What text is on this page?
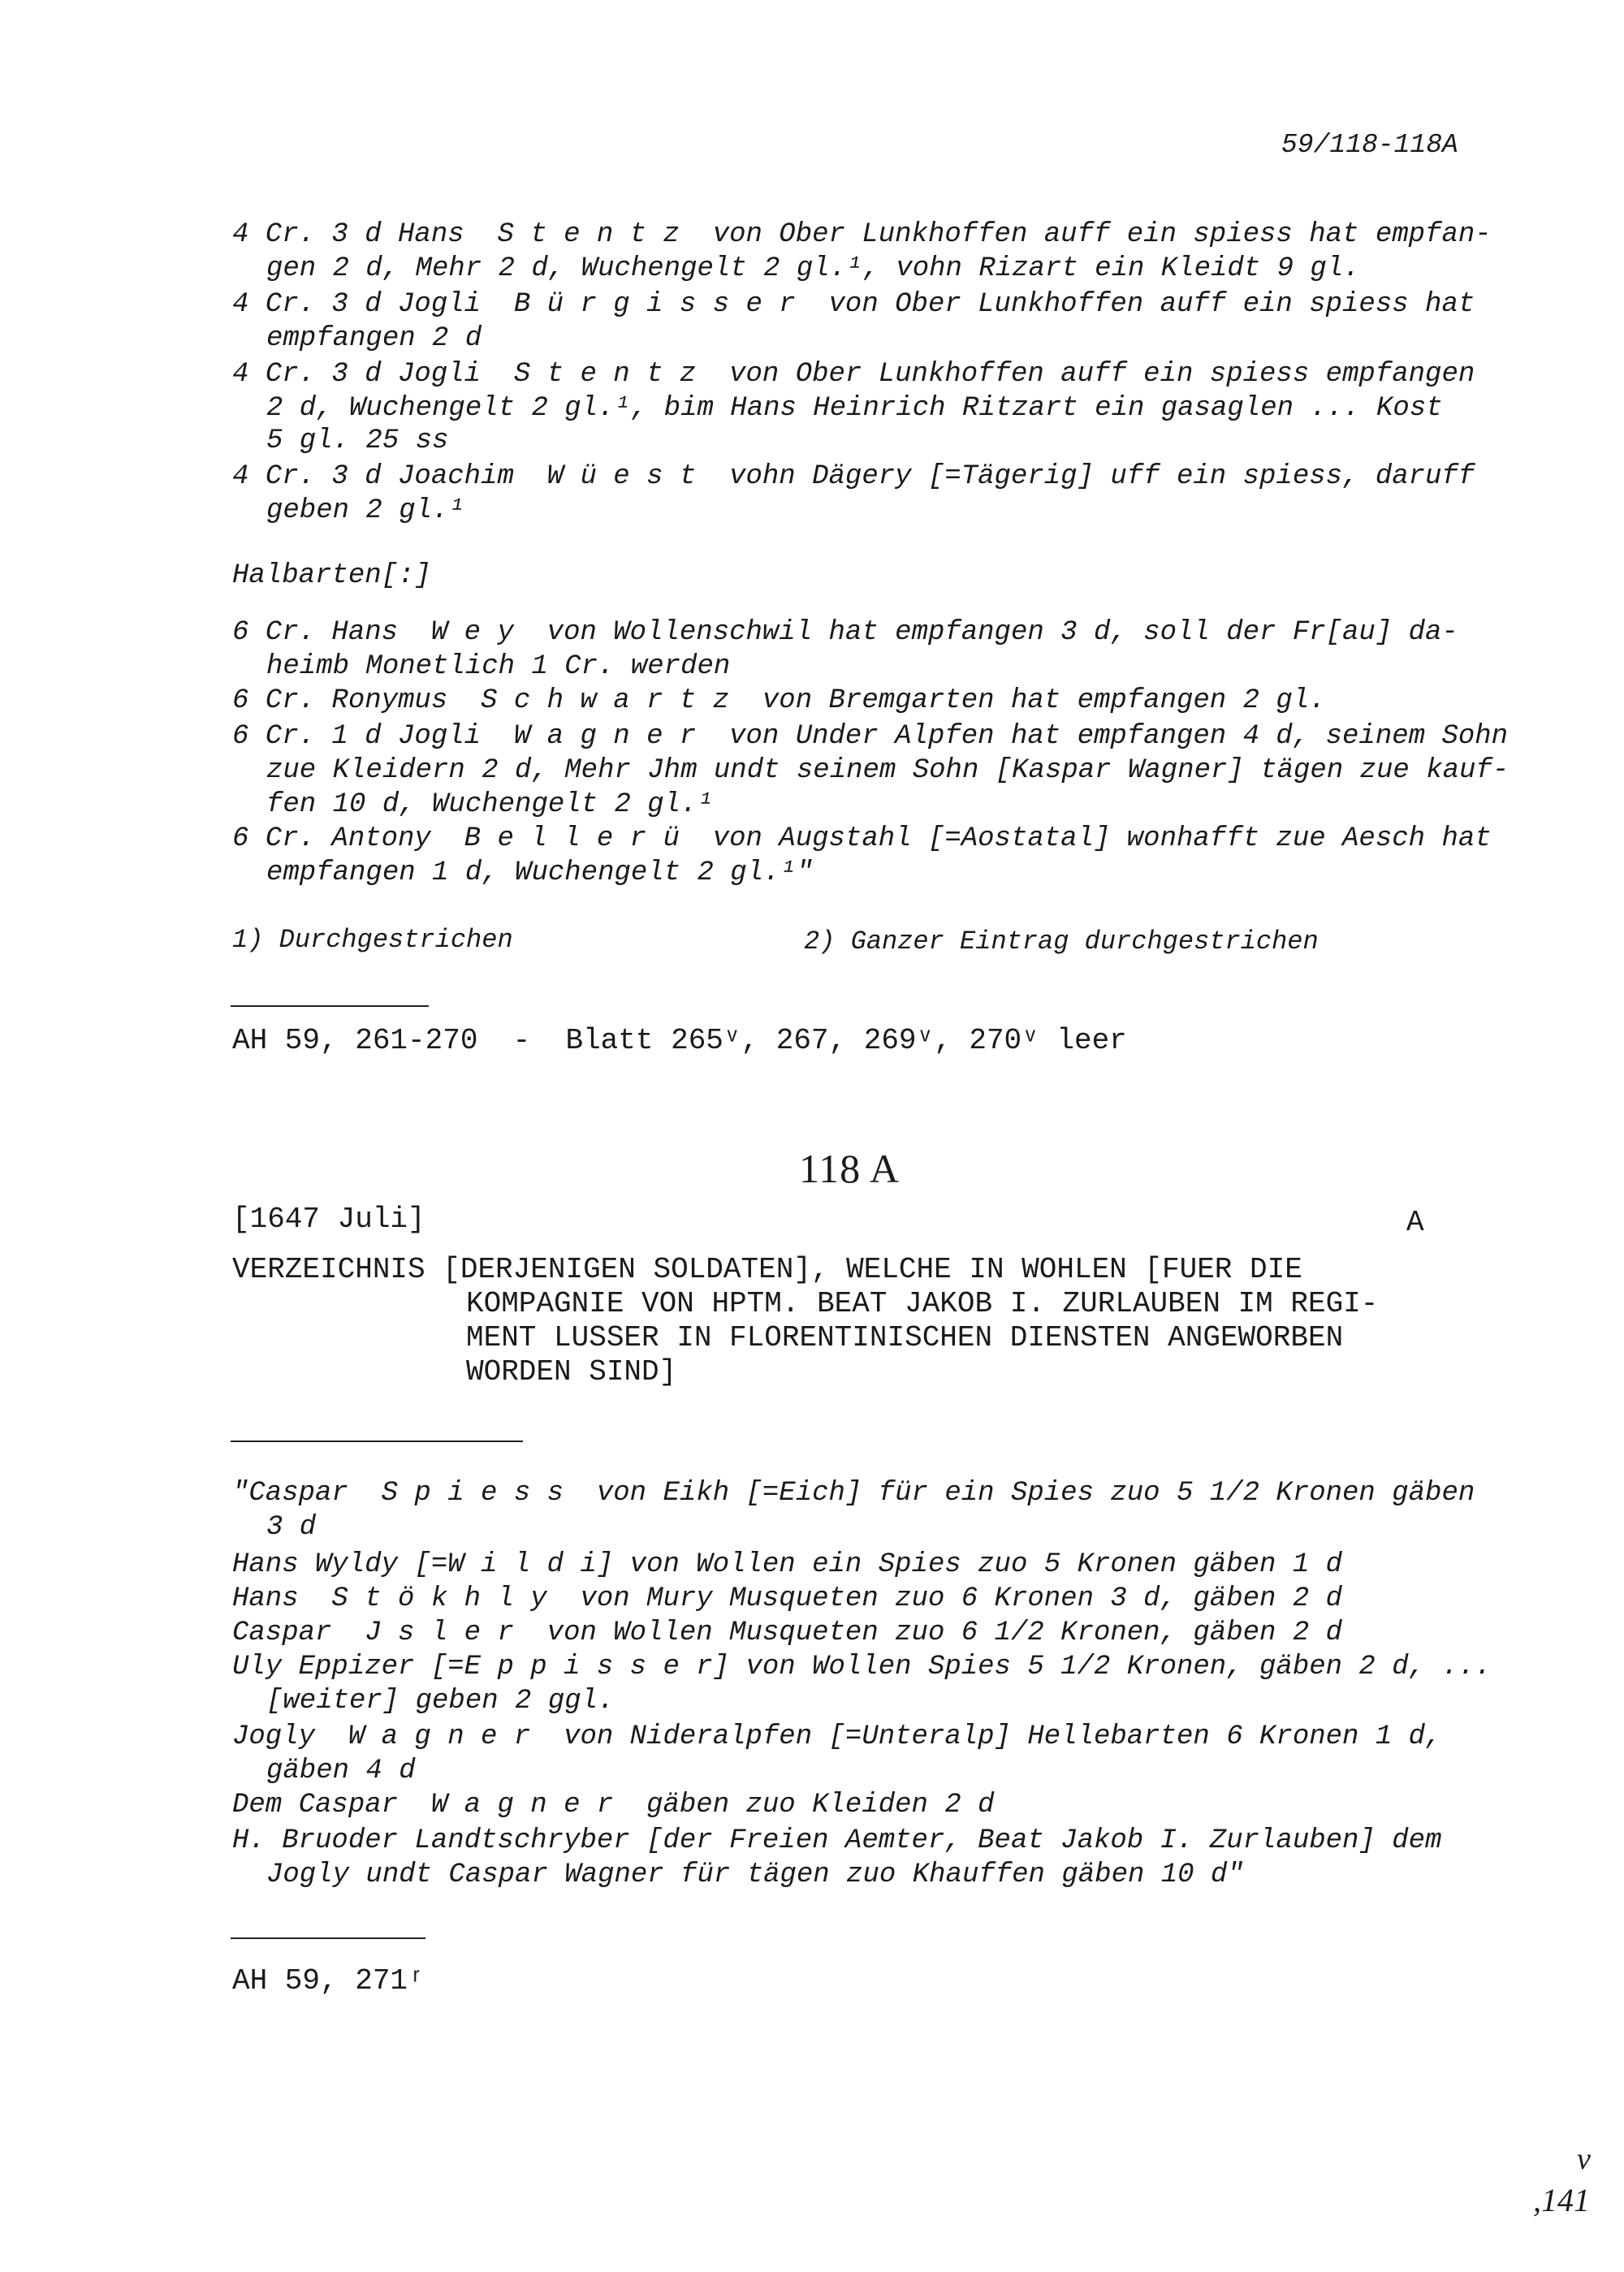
59/118-118A
4 Cr. 3 d Hans  S t e n t z  von Ober Lunkhoffen auff ein spiess hat empfan-
gen 2 d, Mehr 2 d, Wuchengelt 2 gl.¹, vohn Rizart ein Kleidt 9 gl.
4 Cr. 3 d Jogli  B ü r g i s s e r  von Ober Lunkhoffen auff ein spiess hat
empfangen 2 d
4 Cr. 3 d Jogli  S t e n t z  von Ober Lunkhoffen auff ein spiess empfangen
2 d, Wuchengelt 2 gl.¹, bim Hans Heinrich Ritzart ein gasaglen ... Kost
5 gl. 25 ss
4 Cr. 3 d Joachim  W ü e s t  vohn Dägery [=Tägerig] uff ein spiess, daruff
geben 2 gl.¹
Halbarten[:]
6 Cr. Hans  W e y  von Wollenschwil hat empfangen 3 d, soll der Fr[au] da-
heimb Monetlich 1 Cr. werden
6 Cr. Ronymus  S c h w a r t z  von Bremgarten hat empfangen 2 gl.
6 Cr. 1 d Jogli  W a g n e r  von Under Alpfen hat empfangen 4 d, seinem Sohn
zue Kleidern 2 d, Mehr Jhm undt seinem Sohn [Kaspar Wagner] tägen zue kauf-
fen 10 d, Wuchengelt 2 gl.¹
6 Cr. Antony  B e l l e r ü  von Augstahl [=Aostatal] wonhafft zue Aesch hat
empfangen 1 d, Wuchengelt 2 gl.¹"
1) Durchgestrichen	2) Ganzer Eintrag durchgestrichen
AH 59, 261-270  -  Blatt 265ᵛ, 267, 269ᵛ, 270ᵛ leer
118 A
[1647 Juli]	A
VERZEICHNIS [DERJENIGEN SOLDATEN], WELCHE IN WOHLEN [FUER DIE
KOMPAGNIE VON HPTM. BEAT JAKOB I. ZURLAUBEN IM REGI-
MENT LUSSER IN FLORENTINISCHEN DIENSTEN ANGEWORBEN
WORDEN SIND]
"Caspar  S p i e s s  von Eikh [=Eich] für ein Spies zuo 5 1/2 Kronen gäben
3 d
Hans Wyldy [=W i l d i] von Wollen ein Spies zuo 5 Kronen gäben 1 d
Hans  S t ö k h l y  von Mury Musqueten zuo 6 Kronen 3 d, gäben 2 d
Caspar  J s l e r  von Wollen Musqueten zuo 6 1/2 Kronen, gäben 2 d
Uly Eppizer [=E p p i s s e r] von Wollen Spies 5 1/2 Kronen, gäben 2 d, ...
[weiter] geben 2 ggl.
Jogly  W a g n e r  von Nideralpfen [=Unteralp] Hellebarten 6 Kronen 1 d,
gäben 4 d
Dem Caspar  W a g n e r  gäben zuo Kleiden 2 d
H. Bruoder Landtschryber [der Freien Aemter, Beat Jakob I. Zurlauben] dem
Jogly undt Caspar Wagner für tägen zuo Khauffen gäben 10 d"
AH 59, 271ʳ
v
,141
